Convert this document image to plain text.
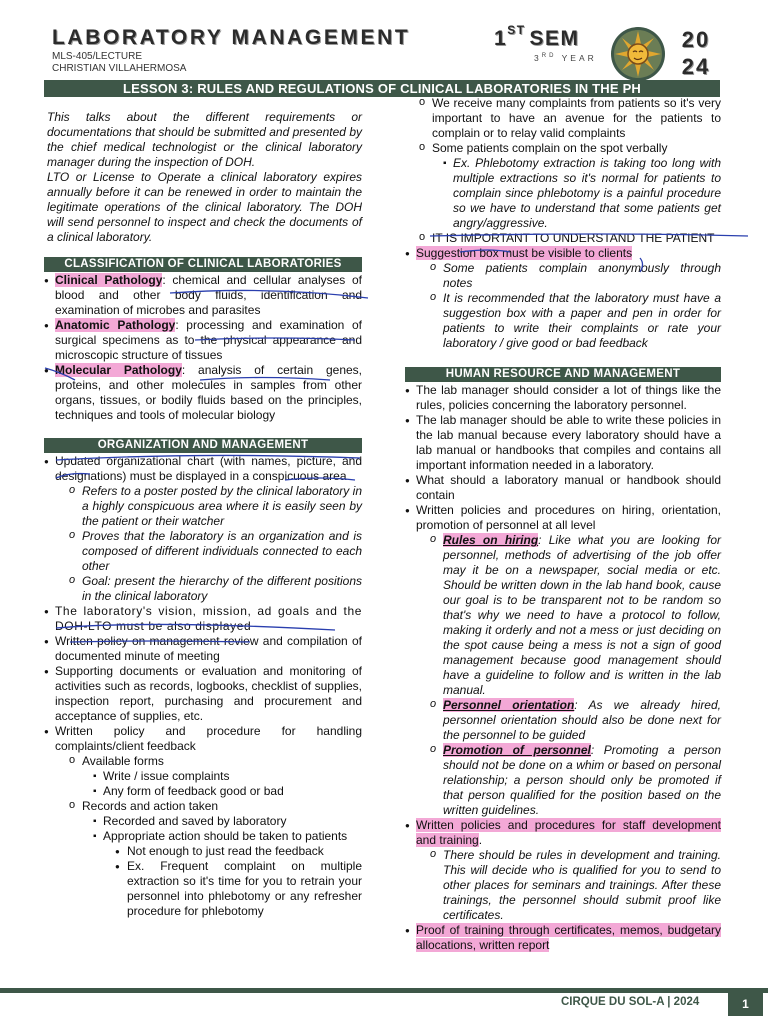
LABORATORY MANAGEMENT
MLS-405/LECTURE
CHRISTIAN VILLAHERMOSA
1ST SEM
3RD YEAR
20
24
LESSON 3: RULES AND REGULATIONS OF CLINICAL LABORATORIES IN THE PH

This talks about the different requirements or documentations that should be submitted and presented by the chief medical technologist or the clinical laboratory manager during the inspection of DOH.

LTO or License to Operate a clinical laboratory expires annually before it can be renewed in order to maintain the legitimate operations of the clinical laboratory. The DOH will send personnel to inspect and check the documents of a clinical laboratory.

CLASSIFICATION OF CLINICAL LABORATORIES
● Clinical Pathology: chemical and cellular analyses of blood and other body fluids, identification and examination of microbes and parasites
● Anatomic Pathology: processing and examination of surgical specimens as to the physical appearance and microscopic structure of tissues
● Molecular Pathology: analysis of certain genes, proteins, and other molecules in samples from other organs, tissues, or bodily fluids based on the principles, techniques and tools of molecular biology
ORGANIZATION AND MANAGEMENT
● Updated organizational chart (with names, picture, and designations) must be displayed in a conspicuous area
o Refers to a poster posted by the clinical laboratory in a highly conspicuous area where it is easily seen by the patient or their watcher
o Proves that the laboratory is an organization and is composed of different individuals connected to each other
o Goal: present the hierarchy of the different positions in the clinical laboratory
● The laboratory's vision, mission, ad goals and the DOH-LTO must be also displayed
● Written policy on management review and compilation of documented minute of meeting
● Supporting documents or evaluation and monitoring of activities such as records, logbooks, checklist of supplies, inspection report, purchasing and procurement and acceptance of supplies, etc.
● Written policy and procedure for handling complaints/client feedback
o Available forms
▪ Write / issue complaints
▪ Any form of feedback good or bad
o Records and action taken
▪ Recorded and saved by laboratory
▪ Appropriate action should be taken to patients
● Not enough to just read the feedback
● Ex. Frequent complaint on multiple extraction so it's time for you to retrain your personnel into phlebotomy or any refresher procedure for phlebotomy
o We receive many complaints from patients so it's very important to have an avenue for the patients to complain or to relay valid complaints
o Some patients complain on the spot verbally
▪ Ex. Phlebotomy extraction is taking too long with multiple extractions so it's normal for patients to complain since phlebotomy is a painful procedure so we have to understand that some patients get angry/aggressive.
o IT IS IMPORTANT TO UNDERSTAND THE PATIENT
● Suggestion box must be visible to clients
o Some patients complain anonymously through notes
o It is recommended that the laboratory must have a suggestion box with a paper and pen in order for patients to write their complaints or rate your laboratory / give good or bad feedback
HUMAN RESOURCE AND MANAGEMENT
● The lab manager should consider a lot of things like the rules, policies concerning the laboratory personnel.
● The lab manager should be able to write these policies in the lab manual because every laboratory should have a lab manual or handbooks that compiles and contains all important information needed in a laboratory.
● What should a laboratory manual or handbook should contain
● Written policies and procedures on hiring, orientation, promotion of personnel at all level
o Rules on hiring: Like what you are looking for personnel, methods of advertising of the job offer may it be on a newspaper, social media or etc. Should be written down in the lab hand book, cause our goal is to be transparent not to be random so that's why we need to have a protocol to follow, making it orderly and not a mess or just deciding on the spot cause being a mess is not a sign of good management because good management should have a guideline to follow and is written in the lab manual.
o Personnel orientation: As we already hired, personnel orientation should also be done next for the personnel to be guided
o Promotion of personnel: Promoting a person should not be done on a whim or based on personal relationship; a person should only be promoted if that person qualified for the position based on the written guidelines.
● Written policies and procedures for staff development and training.
o There should be rules in development and training. This will decide who is qualified for you to send to other places for seminars and trainings. After these trainings, the personnel should submit proof like certificates.
● Proof of training through certificates, memos, budgetary allocations, written report
CIRQUE DU SOL-A | 2024	1
